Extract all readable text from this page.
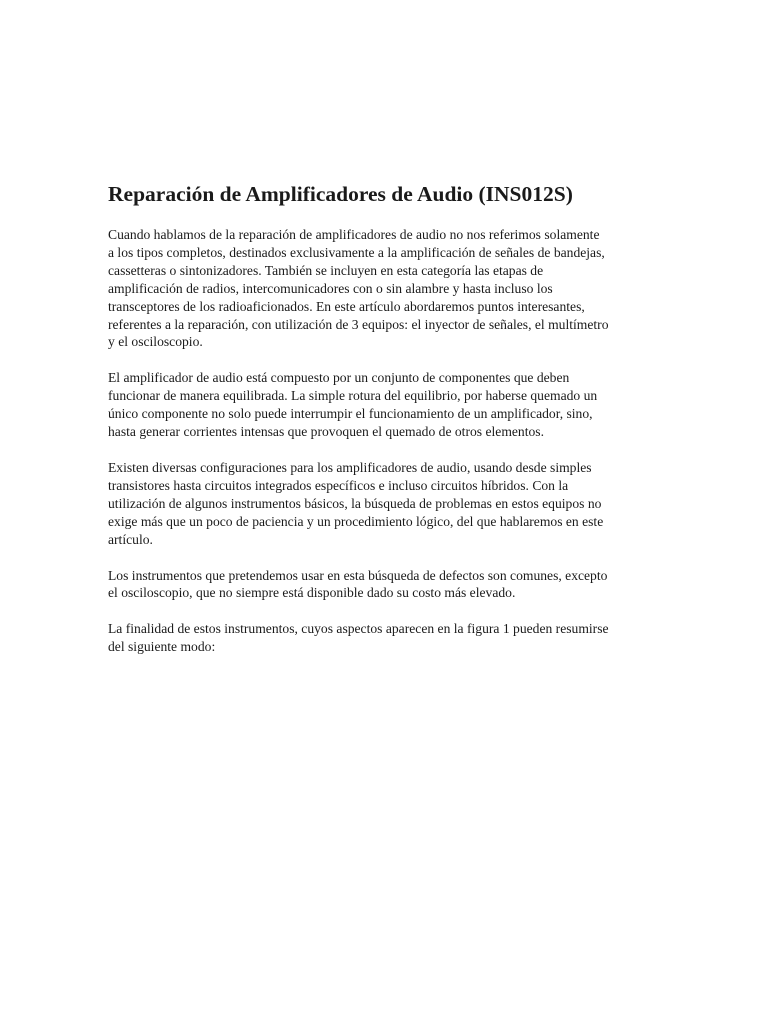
Reparación de Amplificadores de Audio (INS012S)

Cuando hablamos de la reparación de amplificadores de audio no nos referimos solamente
a los tipos completos, destinados exclusivamente a la amplificación de señales de bandejas,
cassetteras o sintonizadores. También se incluyen en esta categoría las etapas de
amplificación de radios, intercomunicadores con o sin alambre y hasta incluso los
transceptores de los radioaficionados. En este artículo abordaremos puntos interesantes,
referentes a la reparación, con utilización de 3 equipos: el inyector de señales, el multímetro
y el osciloscopio.

El amplificador de audio está compuesto por un conjunto de componentes que deben
funcionar de manera equilibrada. La simple rotura del equilibrio, por haberse quemado un
único componente no solo puede interrumpir el funcionamiento de un amplificador, sino,
hasta generar corrientes intensas que provoquen el quemado de otros elementos.

Existen diversas configuraciones para los amplificadores de audio, usando desde simples
transistores hasta circuitos integrados específicos e incluso circuitos híbridos. Con la
utilización de algunos instrumentos básicos, la búsqueda de problemas en estos equipos no
exige más que un poco de paciencia y un procedimiento lógico, del que hablaremos en este
artículo.

Los instrumentos que pretendemos usar en esta búsqueda de defectos son comunes, excepto
el osciloscopio, que no siempre está disponible dado su costo más elevado.

La finalidad de estos instrumentos, cuyos aspectos aparecen en la figura 1 pueden resumirse
del siguiente modo:
